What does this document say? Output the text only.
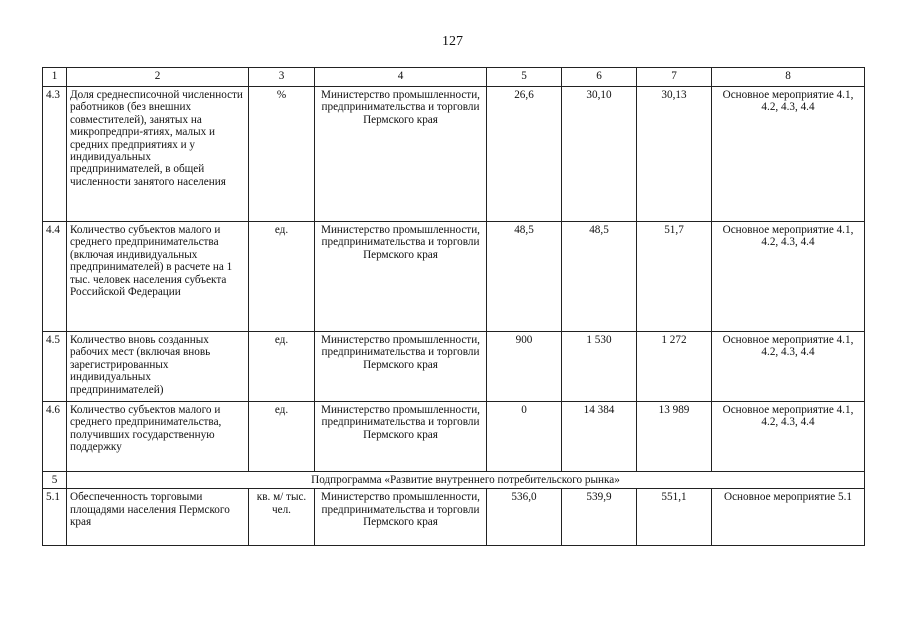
127
1	2	3	4	5	6	7	8
4.3	Доля среднесписочной численности работников (без внешних совместителей), занятых на микропредпри-ятиях, малых и средних предприятиях и у индивидуальных предпринимателей, в общей численности занятого населения	%	Министерство промышленности, предпринимательства и торговли Пермского края	26,6	30,10	30,13	Основное мероприятие 4.1, 4.2, 4.3, 4.4
4.4	Количество субъектов малого и среднего предпринимательства (включая индивидуальных предпринимателей) в расчете на 1 тыс. человек населения субъекта Российской Федерации	ед.	Министерство промышленности, предпринимательства и торговли Пермского края	48,5	48,5	51,7	Основное мероприятие 4.1, 4.2, 4.3, 4.4
4.5	Количество вновь созданных рабочих мест (включая вновь зарегистрированных индивидуальных предпринимателей)	ед.	Министерство промышленности, предпринимательства и торговли Пермского края	900	1 530	1 272	Основное мероприятие 4.1, 4.2, 4.3, 4.4
4.6	Количество субъектов малого и среднего предпринимательства, получивших государственную поддержку	ед.	Министерство промышленности, предпринимательства и торговли Пермского края	0	14 384	13 989	Основное мероприятие 4.1, 4.2, 4.3, 4.4
5	Подпрограмма «Развитие внутреннего потребительского рынка»						
5.1	Обеспеченность торговыми площадями населения Пермского края	кв. м/ тыс. чел.	Министерство промышленности, предпринимательства и торговли Пермского края	536,0	539,9	551,1	Основное мероприятие 5.1
